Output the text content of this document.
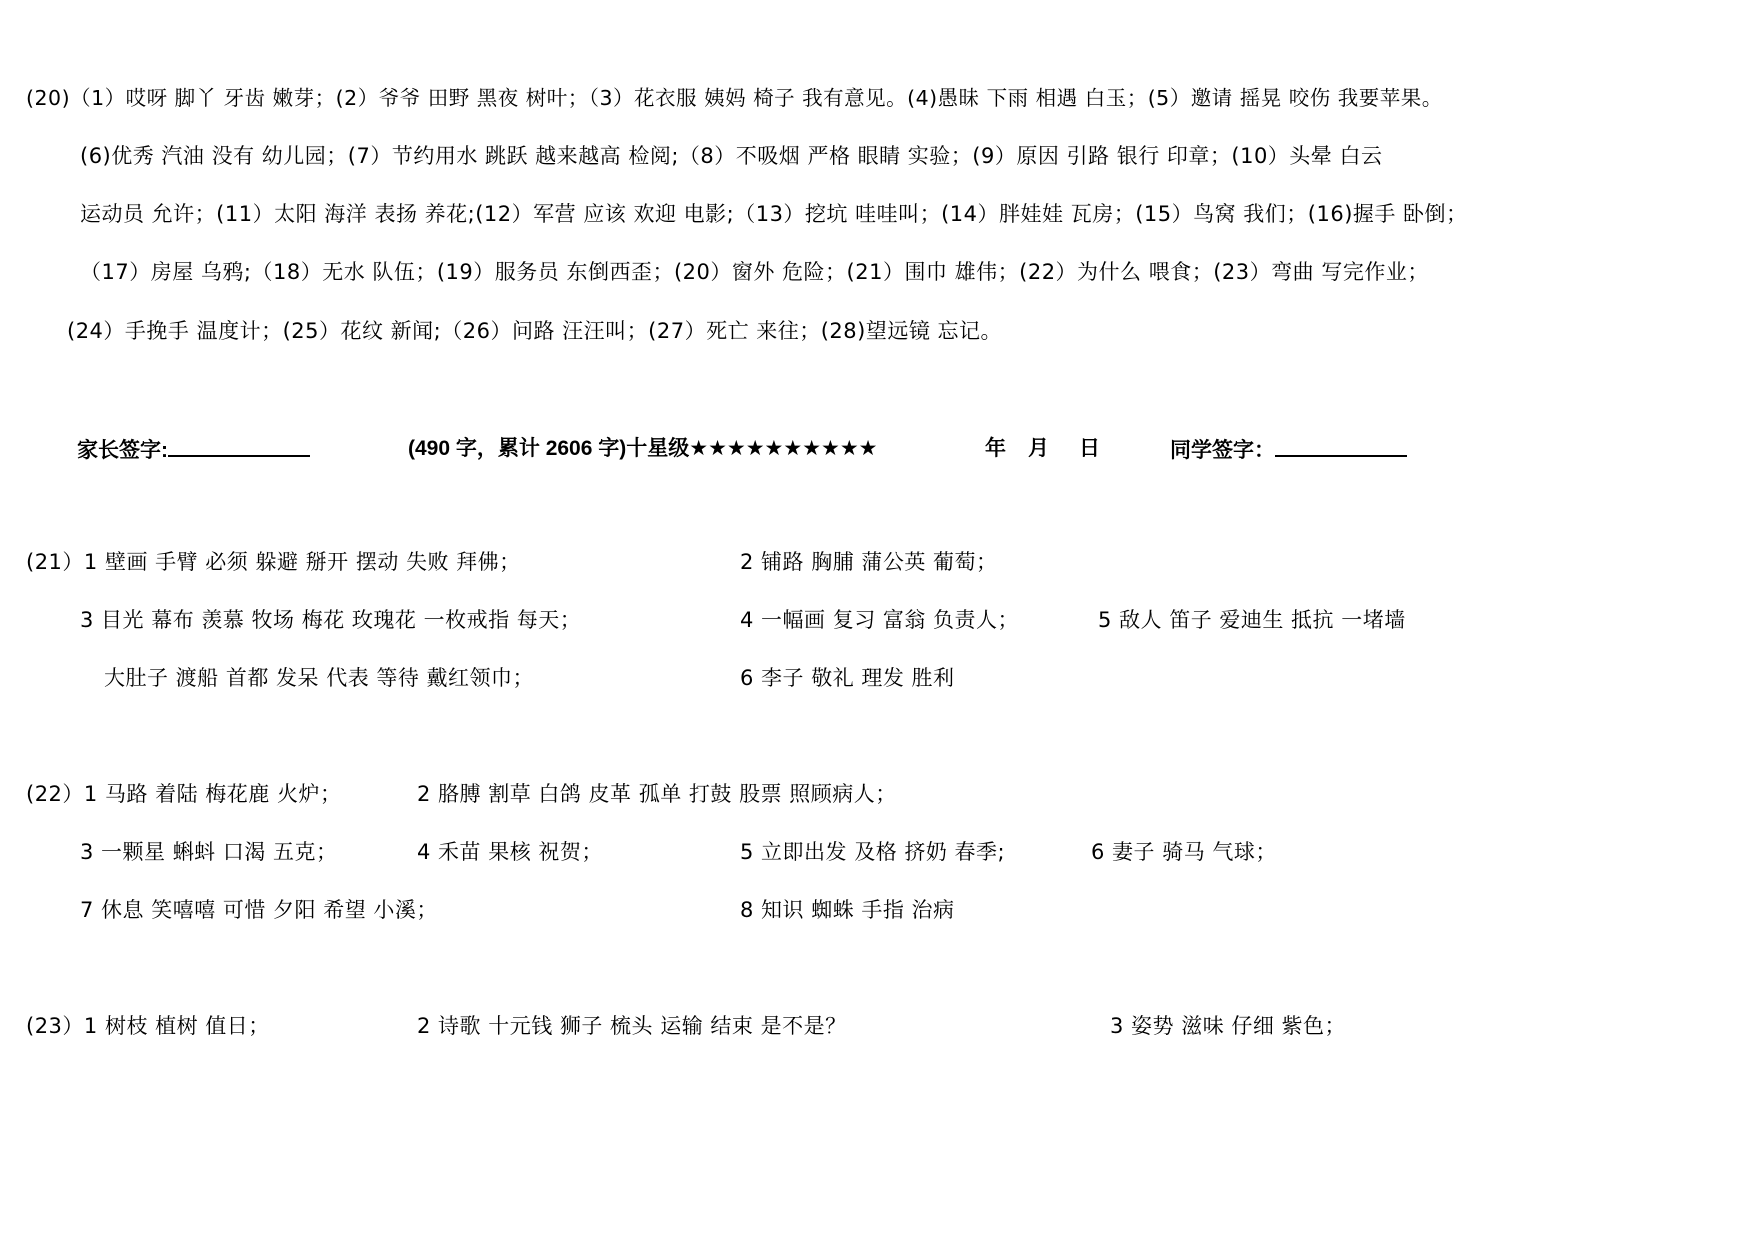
(20)（1）哎呀 脚丫 牙齿 嫩芽；(2）爷爷 田野 黑夜 树叶；（3）花衣服 姨妈 椅子 我有意见。(4)愚昧 下雨 相遇 白玉；(5）邀请 摇晃 咬伤 我要苹果。
(6)优秀 汽油 没有 幼儿园；(7）节约用水 跳跃 越来越高 检阅;（8）不吸烟 严格 眼睛 实验；(9）原因 引路 银行 印章；(10）头晕 白云
运动员 允许；(11）太阳 海洋 表扬 养花;(12）军营 应该 欢迎 电影;（13）挖坑 哇哇叫；(14）胖娃娃 瓦房；(15）鸟窝 我们；(16)握手 卧倒；
（17）房屋 乌鸦;（18）无水 队伍；(19）服务员 东倒西歪；(20）窗外 危险；(21）围巾 雄伟；(22）为什么 喂食；(23）弯曲 写完作业；
(24）手挽手 温度计；(25）花纹 新闻;（26）问路 汪汪叫；(27）死亡 来往；(28)望远镜 忘记。
家长签字:	(490 字，累计 2606 字)十星级★★★★★★★★★★	年 月 日	同学签字：
(21）1 壁画 手臂 必须 躲避 掰开 摆动 失败 拜佛；	2 铺路 胸脯 蒲公英 葡萄；
3 目光 幕布 羡慕 牧场 梅花 玫瑰花 一枚戒指 每天；	4 一幅画 复习 富翁 负责人；	5 敌人 笛子 爱迪生 抵抗 一堵墙
大肚子 渡船 首都 发呆 代表 等待 戴红领巾；	6 李子 敬礼 理发 胜利
(22）1 马路 着陆 梅花鹿 火炉；	2 胳膊 割草 白鸽 皮革 孤单 打鼓 股票 照顾病人；
3 一颗星 蝌蚪 口渴 五克；	4 禾苗 果核 祝贺；	5 立即出发 及格 挤奶 春季;	6 妻子 骑马 气球；
7 休息 笑嘻嘻 可惜 夕阳 希望 小溪；	8 知识 蜘蛛 手指 治病
(23）1 树枝 植树 值日；	2 诗歌 十元钱 狮子 梳头 运输 结束 是不是？	3 姿势 滋味 仔细 紫色；
